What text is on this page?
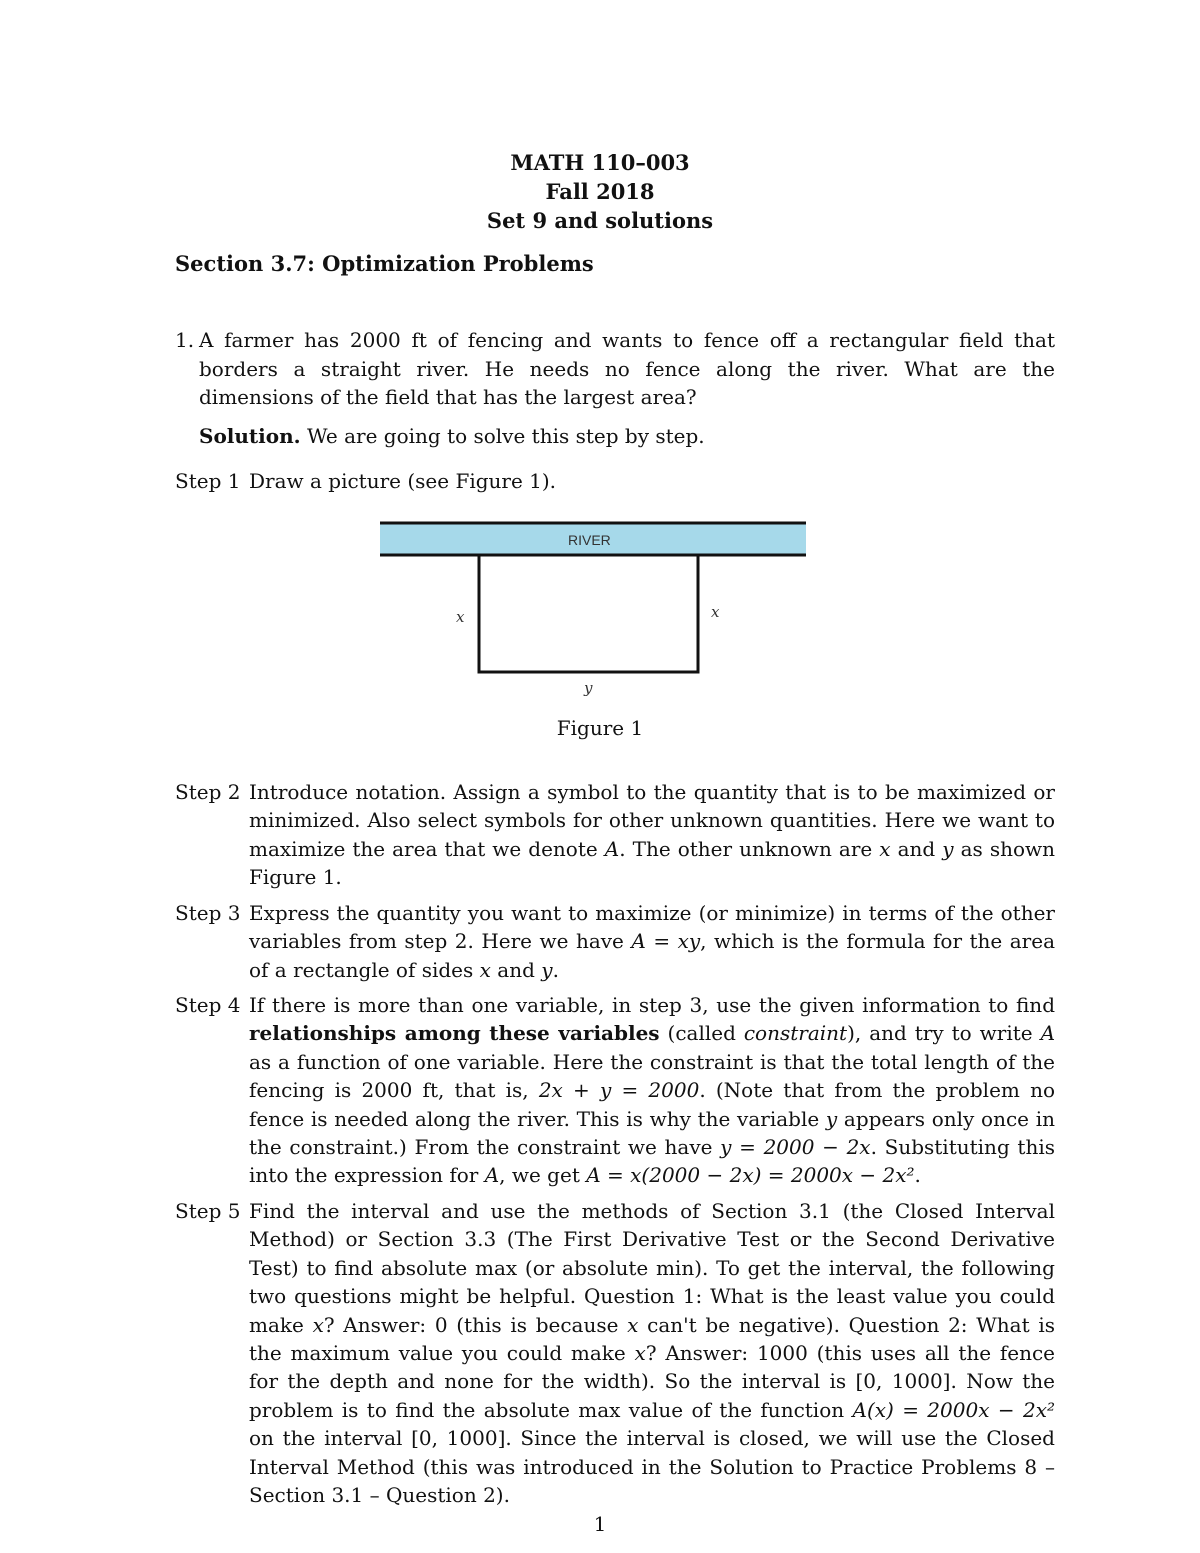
MATH 110–003
Fall 2018
Set 9 and solutions
Section 3.7: Optimization Problems
1. A farmer has 2000 ft of fencing and wants to fence off a rectangular field that borders a straight river. He needs no fence along the river. What are the dimensions of the field that has the largest area?
Solution. We are going to solve this step by step.
Step 1 Draw a picture (see Figure 1).
RIVER
x	x
y
Figure 1
Step 2 Introduce notation. Assign a symbol to the quantity that is to be maximized or minimized. Also select symbols for other unknown quantities. Here we want to maximize the area that we denote A. The other unknown are x and y as shown Figure 1.
Step 3 Express the quantity you want to maximize (or minimize) in terms of the other variables from step 2. Here we have A = xy, which is the formula for the area of a rectangle of sides x and y.
Step 4 If there is more than one variable, in step 3, use the given information to find relationships among these variables (called constraint), and try to write A as a function of one variable. Here the constraint is that the total length of the fencing is 2000 ft, that is, 2x + y = 2000. (Note that from the problem no fence is needed along the river. This is why the variable y appears only once in the constraint.) From the constraint we have y = 2000 − 2x. Substituting this into the expression for A, we get A = x(2000 − 2x) = 2000x − 2x².
Step 5 Find the interval and use the methods of Section 3.1 (the Closed Interval Method) or Section 3.3 (The First Derivative Test or the Second Derivative Test) to find absolute max (or absolute min). To get the interval, the following two questions might be helpful. Question 1: What is the least value you could make x? Answer: 0 (this is because x can't be negative). Question 2: What is the maximum value you could make x? Answer: 1000 (this uses all the fence for the depth and none for the width). So the interval is [0, 1000]. Now the problem is to find the absolute max value of the function A(x) = 2000x − 2x² on the interval [0, 1000]. Since the interval is closed, we will use the Closed Interval Method (this was introduced in the Solution to Practice Problems 8 –Section 3.1 – Question 2).
1
